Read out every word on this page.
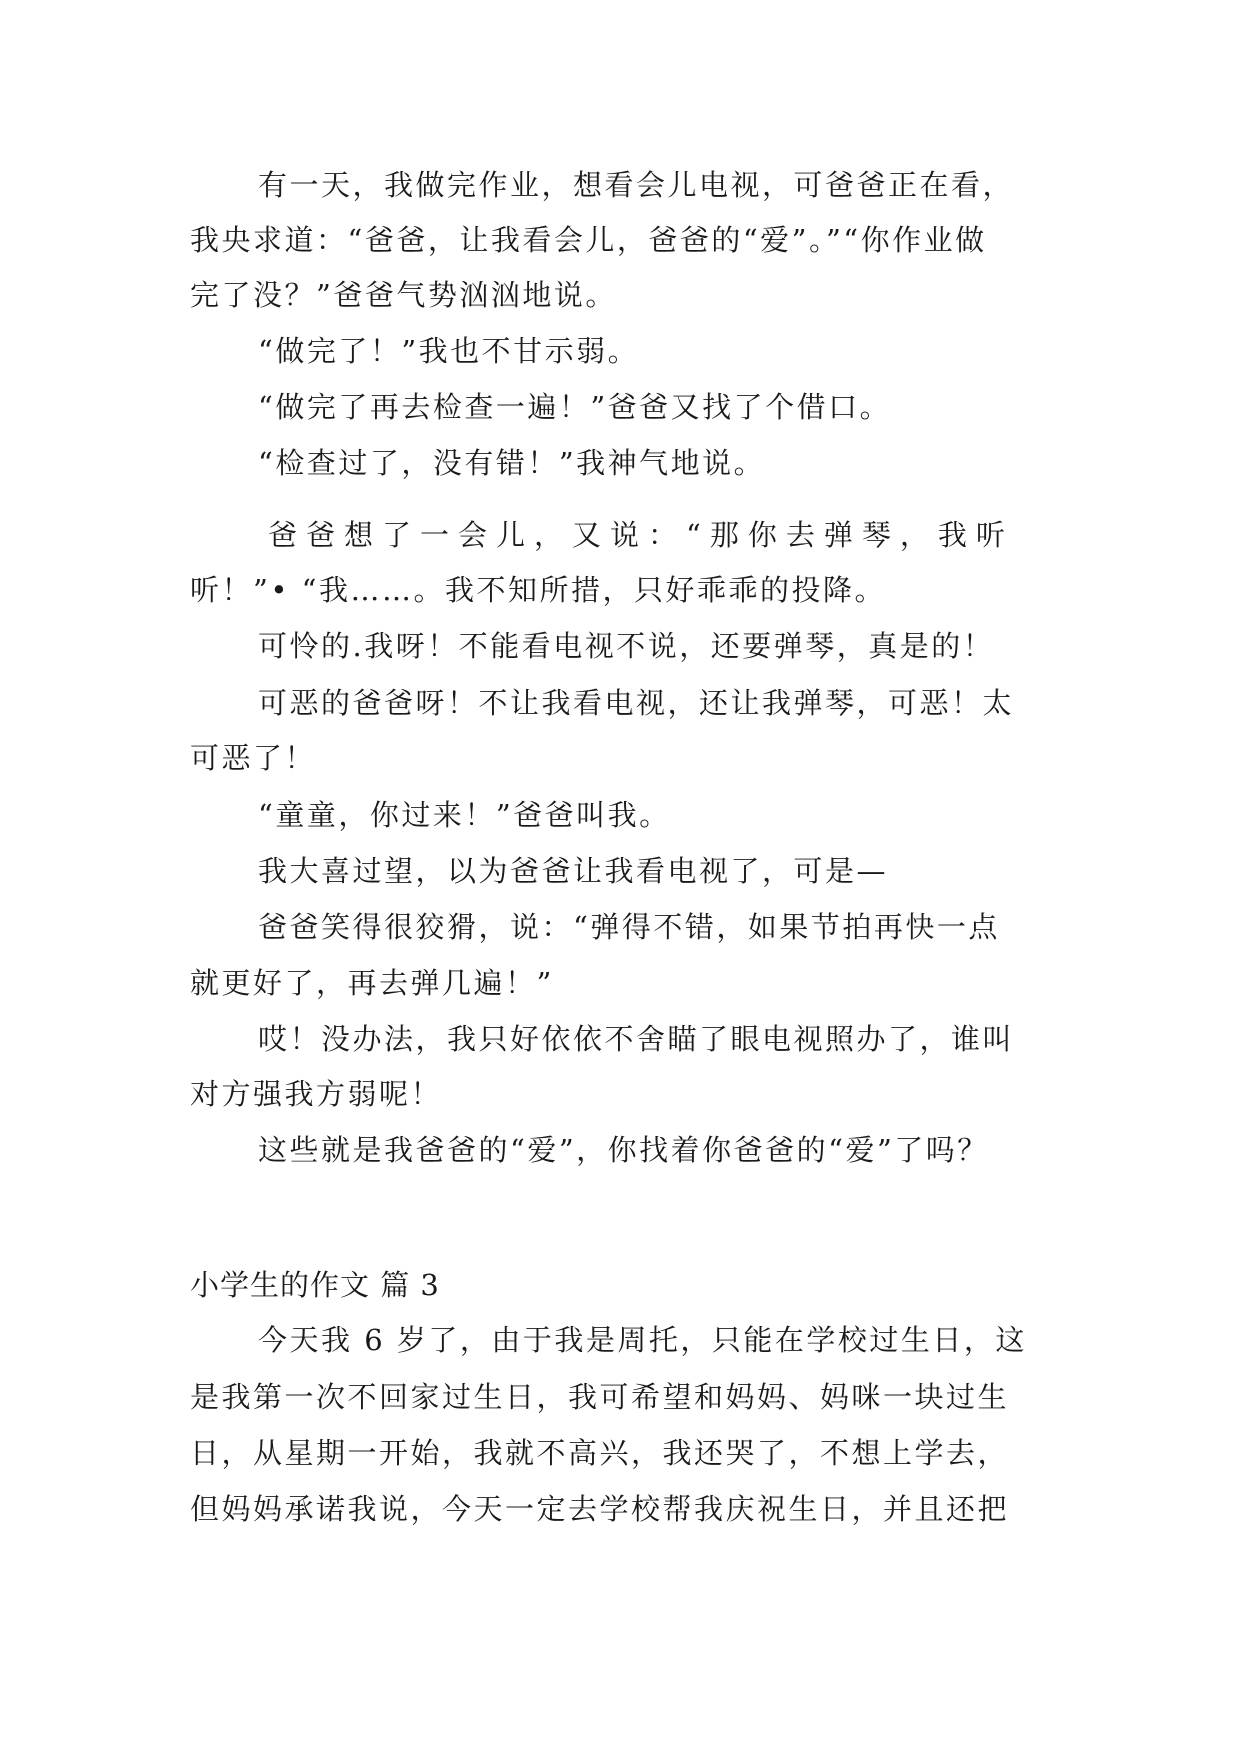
有一天，我做完作业，想看会儿电视，可爸爸正在看，
我央求道：“爸爸，让我看会儿，爸爸的“爱”。”“你作业做
完了没？”爸爸气势汹汹地说。
“做完了！”我也不甘示弱。
“做完了再去检查一遍！”爸爸又找了个借口。
“检查过了，没有错！”我神气地说。
爸爸想了一会儿，又说：“那你去弹琴，我听
听！”• “我……。我不知所措，只好乖乖的投降。
可怜的.我呀！不能看电视不说，还要弹琴，真是的！
可恶的爸爸呀！不让我看电视，还让我弹琴，可恶！太
可恶了！
“童童，你过来！”爸爸叫我。
我大喜过望，以为爸爸让我看电视了，可是—
爸爸笑得很狡猾，说：“弹得不错，如果节拍再快一点
就更好了，再去弹几遍！”
哎！没办法，我只好依依不舍瞄了眼电视照办了，谁叫
对方强我方弱呢！
这些就是我爸爸的“爱”，你找着你爸爸的“爱”了吗？
小学生的作文 篇 3
今天我 6 岁了，由于我是周托，只能在学校过生日，这
是我第一次不回家过生日，我可希望和妈妈、妈咪一块过生
日，从星期一开始，我就不高兴，我还哭了，不想上学去，
但妈妈承诺我说，今天一定去学校帮我庆祝生日，并且还把
